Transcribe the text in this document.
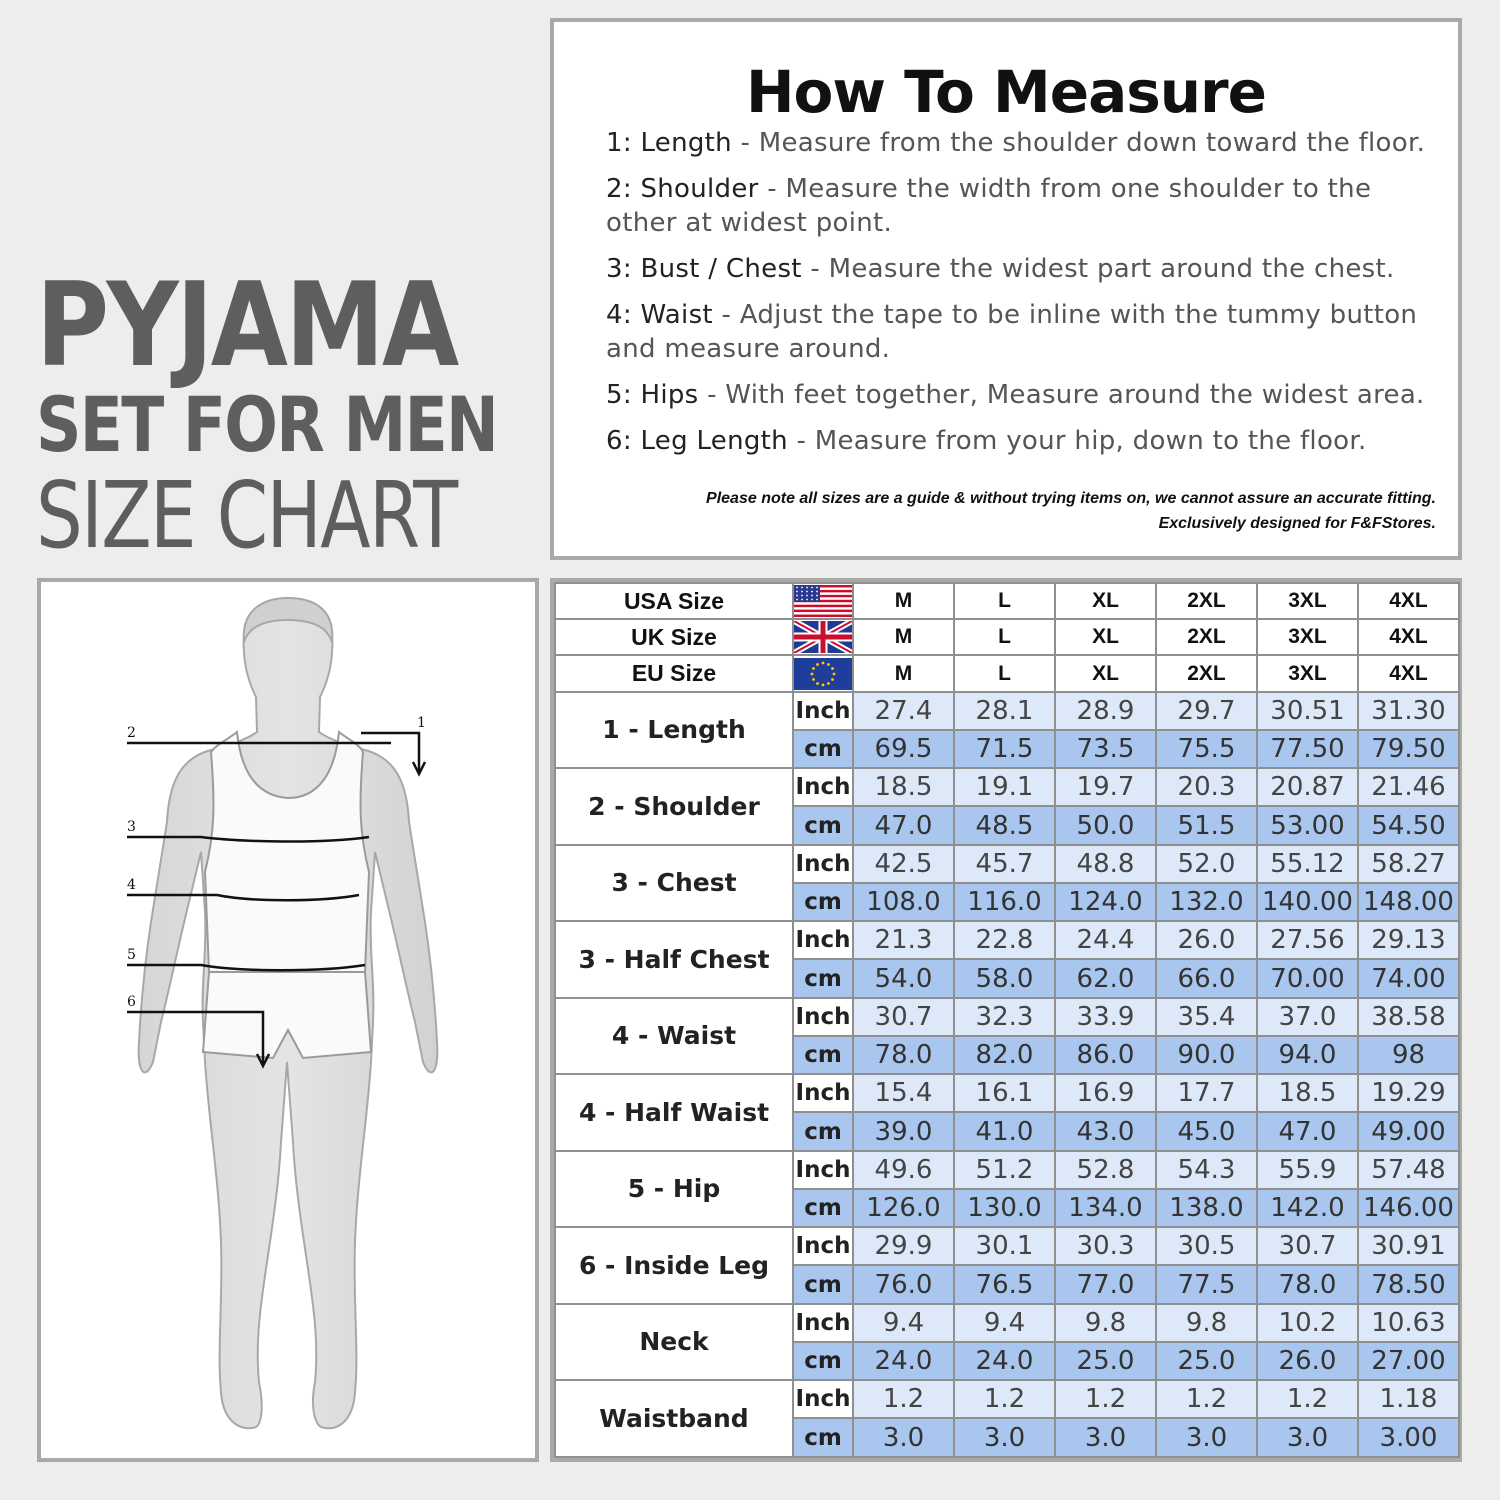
PYJAMA
SET FOR MEN
SIZE CHART
How To Measure
1: Length - Measure from the shoulder down toward the floor.
2: Shoulder - Measure the width from one shoulder to the other at widest point.
3: Bust / Chest - Measure the widest part around the chest.
4: Waist - Adjust the tape to be inline with the tummy button and measure around.
5: Hips - With feet together, Measure around the widest area.
6: Leg Length - Measure from your hip, down to the floor.
Please note all sizes are a guide & without trying items on, we cannot assure an accurate fitting.
Exclusively designed for F&FStores.
1
2
3
4
5
6
USA Size		M	L	XL	2XL	3XL	4XL
UK Size		M	L	XL	2XL	3XL	4XL
EU Size		M	L	XL	2XL	3XL	4XL
1 - Length	Inch	27.4	28.1	28.9	29.7	30.51	31.30
	cm	69.5	71.5	73.5	75.5	77.50	79.50
2 - Shoulder	Inch	18.5	19.1	19.7	20.3	20.87	21.46
	cm	47.0	48.5	50.0	51.5	53.00	54.50
3 - Chest	Inch	42.5	45.7	48.8	52.0	55.12	58.27
	cm	108.0	116.0	124.0	132.0	140.00	148.00
3 - Half Chest	Inch	21.3	22.8	24.4	26.0	27.56	29.13
	cm	54.0	58.0	62.0	66.0	70.00	74.00
4 - Waist	Inch	30.7	32.3	33.9	35.4	37.0	38.58
	cm	78.0	82.0	86.0	90.0	94.0	98
4 - Half Waist	Inch	15.4	16.1	16.9	17.7	18.5	19.29
	cm	39.0	41.0	43.0	45.0	47.0	49.00
5 - Hip	Inch	49.6	51.2	52.8	54.3	55.9	57.48
	cm	126.0	130.0	134.0	138.0	142.0	146.00
6 - Inside Leg	Inch	29.9	30.1	30.3	30.5	30.7	30.91
	cm	76.0	76.5	77.0	77.5	78.0	78.50
Neck	Inch	9.4	9.4	9.8	9.8	10.2	10.63
	cm	24.0	24.0	25.0	25.0	26.0	27.00
Waistband	Inch	1.2	1.2	1.2	1.2	1.2	1.18
	cm	3.0	3.0	3.0	3.0	3.0	3.00
